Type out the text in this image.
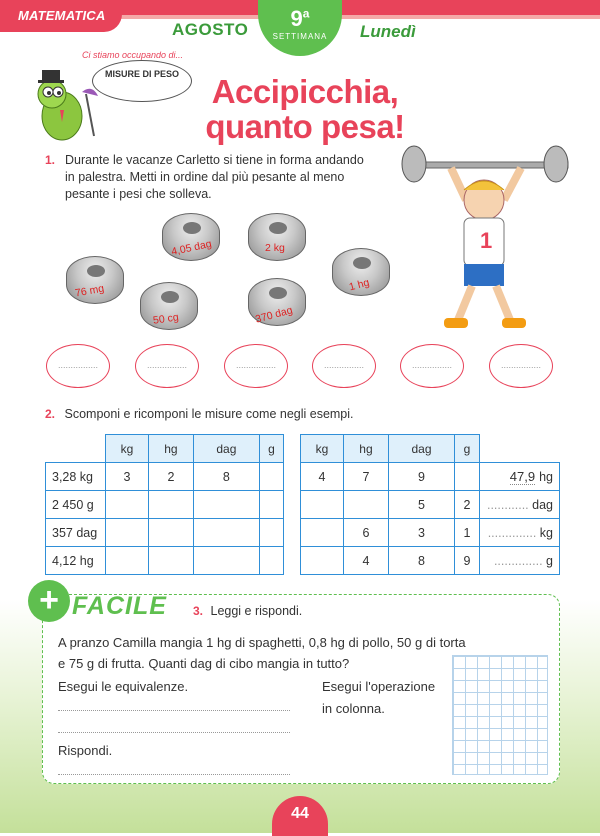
MATEMATICA
AGOSTO	9$^a$
SETTIMANA	Lunedì
Ci stiamo occupando di...
MISURE DI PESO Accipicchia,
quanto pesa!
1
1. Durante le vacanze Carletto si tiene in forma andando in palestra. Metti in ordine dal più pesante al meno pesante i pesi che solleva.
4,05 dag	2 kg
76 mg
50 cg	370 dag
1 hg
................	................	................	................	................	................
2. Scomponi e ricomponi le misure come negli esempi.
	kg	hg	dag	g
3,28 kg	3	2	8	
2 450 g				
357 dag				
4,12 hg				
kg	hg	dag	g	
4	7	9		47,9 hg
		5	2	............ dag
	6	3	1	.............. kg
	4	8	9	.............. g
+ FACILE 3. Leggi e rispondi.
A pranzo Camilla mangia 1 hg di spaghetti, 0,8 hg di pollo, 50 g di torta
e 75 g di frutta. Quanti dag di cibo mangia in tutto?
Esegui le equivalenze.	Esegui l'operazione
in colonna.
Rispondi.
44
